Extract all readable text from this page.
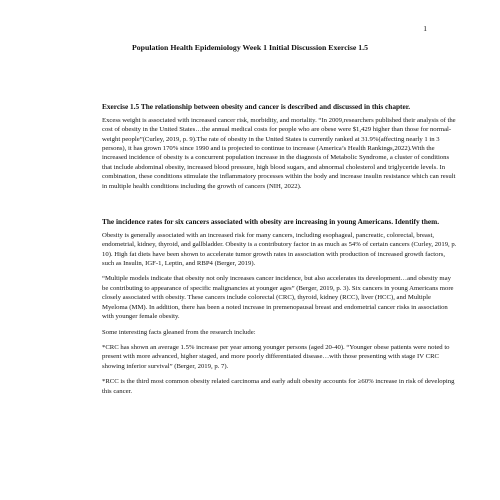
1
Population Health Epidemiology Week 1 Initial Discussion Exercise 1.5
Exercise 1.5 The relationship between obesity and cancer is described and discussed in this chapter.

Excess weight is associated with increased cancer risk, morbidity, and mortality. “In 2009,researchers published their analysis of the cost of obesity in the United States…the annual medical costs for people who are obese were $1,429 higher than those for normal-weight people”(Curley, 2019, p. 9).The rate of obesity in the United States is currently ranked at 31.9%(affecting nearly 1 in 3 persons), it has grown 170% since 1990 and is projected to continue to increase (America’s Health Rankings,2022).With the increased incidence of obesity is a concurrent population increase in the diagnosis of Metabolic Syndrome, a cluster of conditions that include abdominal obesity, increased blood pressure, high blood sugars, and abnormal cholesterol and triglyceride levels. In combination, these conditions stimulate the inflammatory processes within the body and increase insulin resistance which can result in multiple health conditions including the growth of cancers (NIH, 2022).

The incidence rates for six cancers associated with obesity are increasing in young Americans. Identify them.

Obesity is generally associated with an increased risk for many cancers, including esophageal, pancreatic, colorectal, breast, endometrial, kidney, thyroid, and gallbladder. Obesity is a contributory factor in as much as 54% of certain cancers (Curley, 2019, p. 10). High fat diets have been shown to accelerate tumor growth rates in association with production of increased growth factors, such as Insulin, IGF-1, Leptin, and RBP4 (Berger, 2019).

“Multiple models indicate that obesity not only increases cancer incidence, but also accelerates its development…and obesity may be contributing to appearance of specific malignancies at younger ages” (Berger, 2019, p. 3). Six cancers in young Americans more closely associated with obesity. These cancers include colorectal (CRC), thyroid, kidney (RCC), liver (HCC), and Multiple Myeloma (MM). In addition, there has been a noted increase in premenopausal breast and endometrial cancer risks in association with younger female obesity.

Some interesting facts gleaned from the research include:

*CRC has shown an average 1.5% increase per year among younger persons (aged 20-40). “Younger obese patients were noted to present with more advanced, higher staged, and more poorly differentiated disease…with those presenting with stage IV CRC showing inferior survival” (Berger, 2019, p. 7).

*RCC is the third most common obesity related carcinoma and early adult obesity accounts for ≥60% increase in risk of developing this cancer.
